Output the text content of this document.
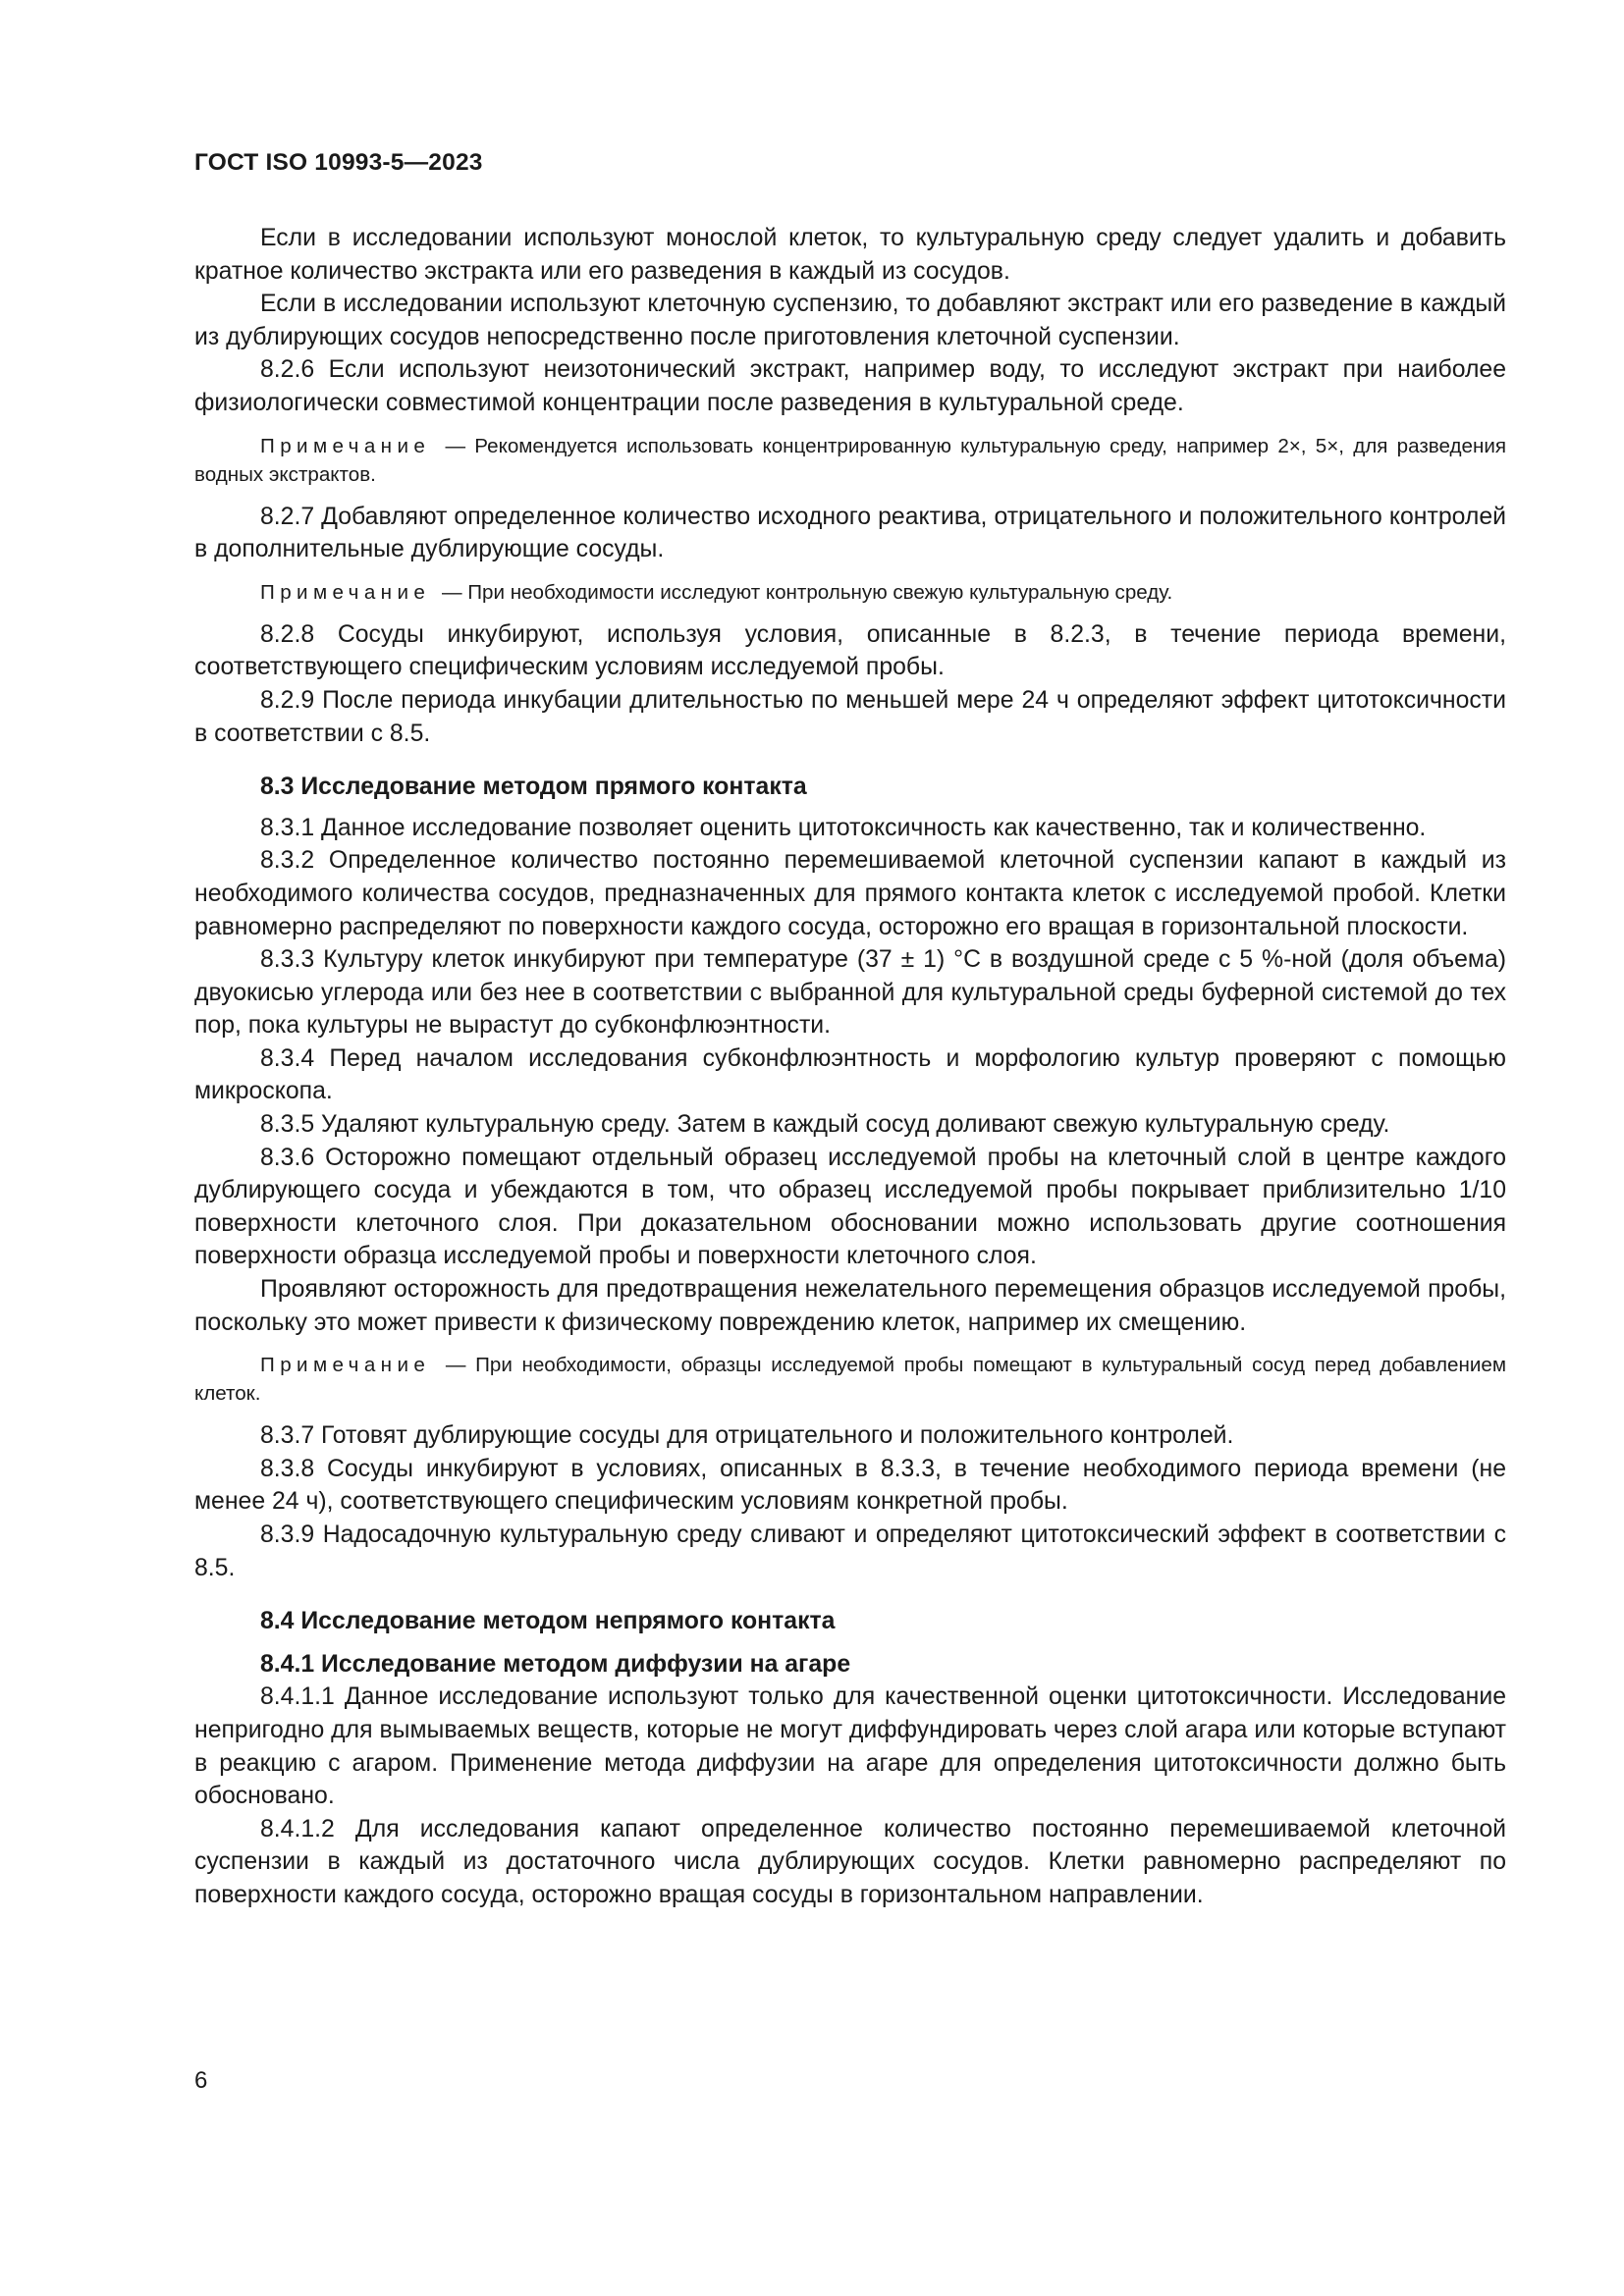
ГОСТ ISO 10993-5—2023

Если в исследовании используют монослой клеток, то культуральную среду следует удалить и добавить кратное количество экстракта или его разведения в каждый из сосудов.

Если в исследовании используют клеточную суспензию, то добавляют экстракт или его разведение в каждый из дублирующих сосудов непосредственно после приготовления клеточной суспензии.

8.2.6 Если используют неизотонический экстракт, например воду, то исследуют экстракт при наиболее физиологически совместимой концентрации после разведения в культуральной среде.

Примечание — Рекомендуется использовать концентрированную культуральную среду, например 2×, 5×, для разведения водных экстрактов.

8.2.7 Добавляют определенное количество исходного реактива, отрицательного и положительного контролей в дополнительные дублирующие сосуды.

Примечание — При необходимости исследуют контрольную свежую культуральную среду.

8.2.8 Сосуды инкубируют, используя условия, описанные в 8.2.3, в течение периода времени, соответствующего специфическим условиям исследуемой пробы.

8.2.9 После периода инкубации длительностью по меньшей мере 24 ч определяют эффект цитотоксичности в соответствии с 8.5.

8.3 Исследование методом прямого контакта

8.3.1 Данное исследование позволяет оценить цитотоксичность как качественно, так и количественно.

8.3.2 Определенное количество постоянно перемешиваемой клеточной суспензии капают в каждый из необходимого количества сосудов, предназначенных для прямого контакта клеток с исследуемой пробой. Клетки равномерно распределяют по поверхности каждого сосуда, осторожно его вращая в горизонтальной плоскости.

8.3.3 Культуру клеток инкубируют при температуре (37 ± 1) °С в воздушной среде с 5 %-ной (доля объема) двуокисью углерода или без нее в соответствии с выбранной для культуральной среды буферной системой до тех пор, пока культуры не вырастут до субконфлюэнтности.

8.3.4 Перед началом исследования субконфлюэнтность и морфологию культур проверяют с помощью микроскопа.

8.3.5 Удаляют культуральную среду. Затем в каждый сосуд доливают свежую культуральную среду.

8.3.6 Осторожно помещают отдельный образец исследуемой пробы на клеточный слой в центре каждого дублирующего сосуда и убеждаются в том, что образец исследуемой пробы покрывает приблизительно 1/10 поверхности клеточного слоя. При доказательном обосновании можно использовать другие соотношения поверхности образца исследуемой пробы и поверхности клеточного слоя.

Проявляют осторожность для предотвращения нежелательного перемещения образцов исследуемой пробы, поскольку это может привести к физическому повреждению клеток, например их смещению.

Примечание — При необходимости, образцы исследуемой пробы помещают в культуральный сосуд перед добавлением клеток.

8.3.7 Готовят дублирующие сосуды для отрицательного и положительного контролей.

8.3.8 Сосуды инкубируют в условиях, описанных в 8.3.3, в течение необходимого периода времени (не менее 24 ч), соответствующего специфическим условиям конкретной пробы.

8.3.9 Надосадочную культуральную среду сливают и определяют цитотоксический эффект в соответствии с 8.5.

8.4 Исследование методом непрямого контакта

8.4.1 Исследование методом диффузии на агаре

8.4.1.1 Данное исследование используют только для качественной оценки цитотоксичности. Исследование непригодно для вымываемых веществ, которые не могут диффундировать через слой агара или которые вступают в реакцию с агаром. Применение метода диффузии на агаре для определения цитотоксичности должно быть обосновано.

8.4.1.2 Для исследования капают определенное количество постоянно перемешиваемой клеточной суспензии в каждый из достаточного числа дублирующих сосудов. Клетки равномерно распределяют по поверхности каждого сосуда, осторожно вращая сосуды в горизонтальном направлении.

6
